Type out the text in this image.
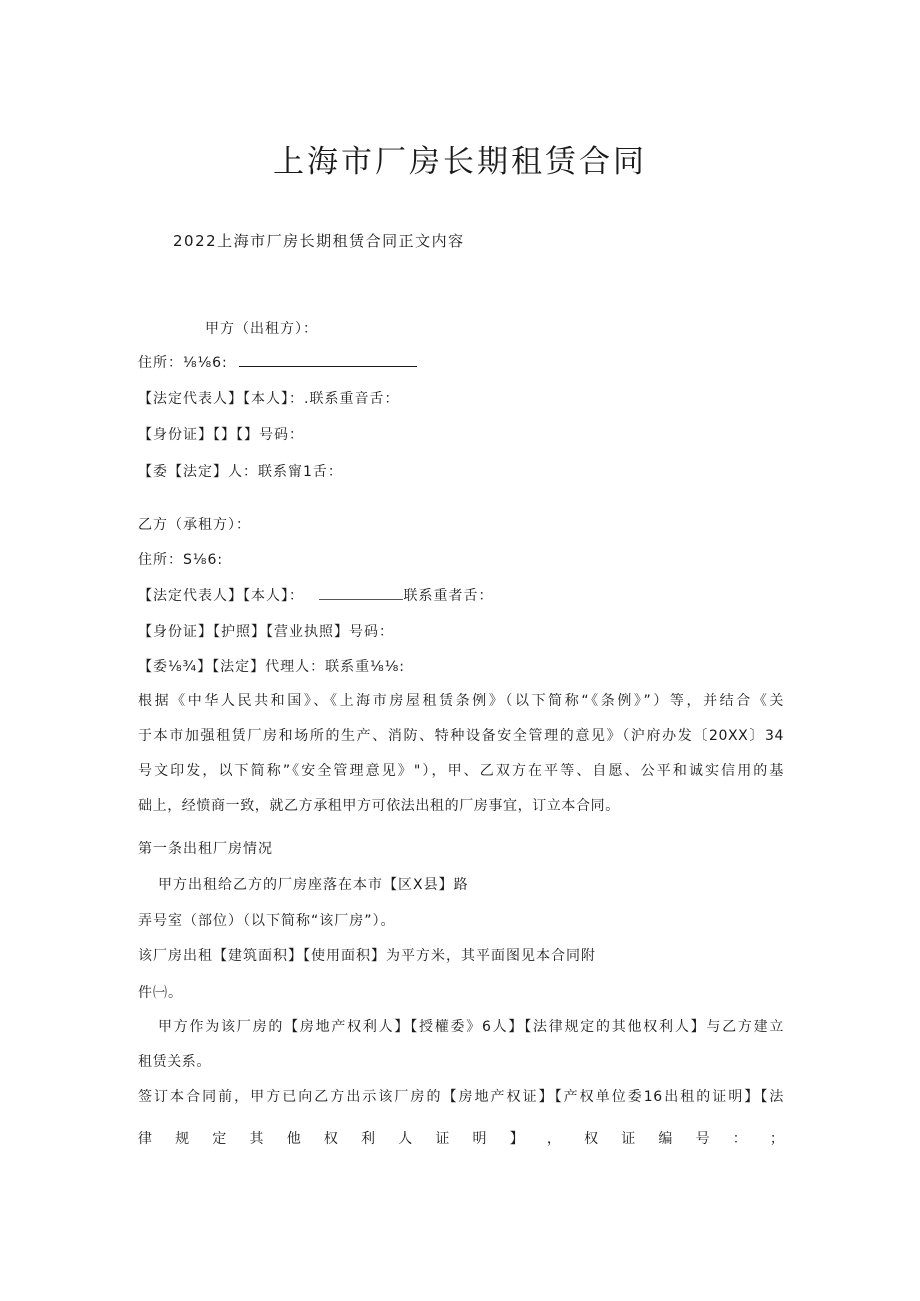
上海市厂房长期租赁合同
2022上海市厂房长期租赁合同正文内容
甲方（出租方）：
住所：⅛⅛6:
【法定代表人】【本人】：.联系重音舌：
【身份证】【】【】号码：
【委【法定】人：联系甯1舌：
乙方（承租方）：
住所：S⅛6:
【法定代表人】【本人】：	联系重者舌：
【身份证】【护照】【营业执照】号码：
【委⅛¾】【法定】代理人：联系重⅛⅛:
根据《中华人民共和国》、《上海市房屋租赁条例》（以下简称“《条例》”）等，并结合《关
于本市加强租赁厂房和场所的生产、消防、特种设备安全管理的意见》（沪府办发〔20XX〕34
号文印发，以下简称”《安全管理意见》"），甲、乙双方在平等、自愿、公平和诚实信用的基
础上，经愤商一致，就乙方承租甲方可依法出租的厂房事宜，订立本合同。
第一条出租厂房情况
甲方出租给乙方的厂房座落在本市【区X县】路
弄号室（部位）（以下简称“该厂房”）。
该厂房出租【建筑面积】【使用面积】为平方米，其平面图见本合同附
件㈠。
甲方作为该厂房的【房地产权利人】【授權委》6人】【法律规定的其他权利人】与乙方建立
租赁关系。
签订本合同前，甲方已向乙方出示该厂房的【房地产权证】【产权单位委16出租的证明】【法
律 规 定 其 他 权 利 人 证 明 】 ， 权 证 编 号 ： ；
